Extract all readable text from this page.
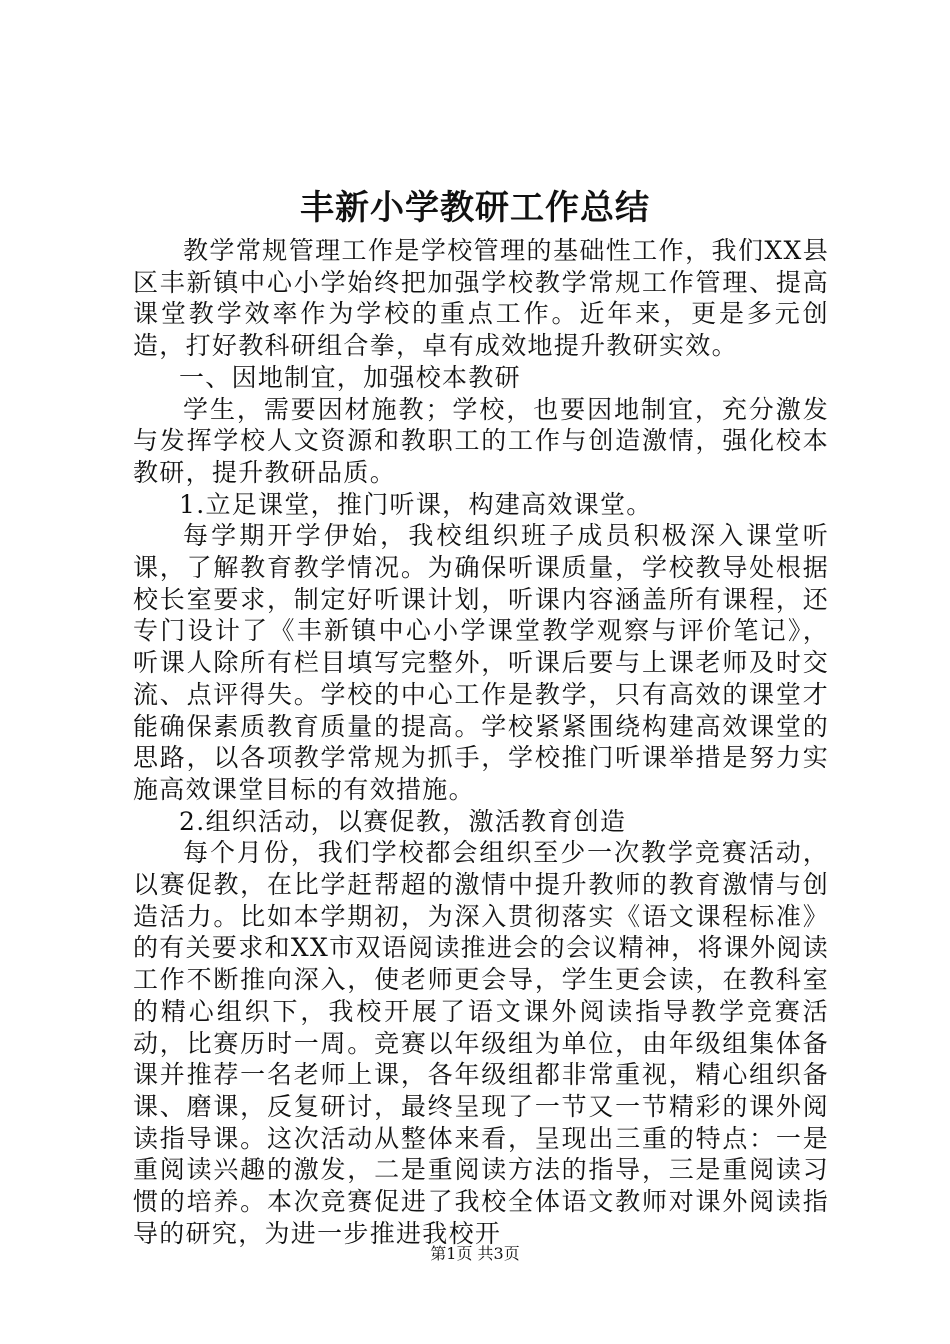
丰新小学教研工作总结

教学常规管理工作是学校管理的基础性工作，我们XX县区丰新镇中心小学始终把加强学校教学常规工作管理、提高课堂教学效率作为学校的重点工作。近年来，更是多元创造，打好教科研组合拳，卓有成效地提升教研实效。

一、因地制宜，加强校本教研

学生，需要因材施教；学校，也要因地制宜，充分激发与发挥学校人文资源和教职工的工作与创造激情，强化校本教研，提升教研品质。

1.立足课堂，推门听课，构建高效课堂。

每学期开学伊始，我校组织班子成员积极深入课堂听课，了解教育教学情况。为确保听课质量，学校教导处根据校长室要求，制定好听课计划，听课内容涵盖所有课程，还专门设计了《丰新镇中心小学课堂教学观察与评价笔记》，听课人除所有栏目填写完整外，听课后要与上课老师及时交流、点评得失。学校的中心工作是教学，只有高效的课堂才能确保素质教育质量的提高。学校紧紧围绕构建高效课堂的思路，以各项教学常规为抓手，学校推门听课举措是努力实施高效课堂目标的有效措施。

2.组织活动，以赛促教，激活教育创造

每个月份，我们学校都会组织至少一次教学竞赛活动，以赛促教，在比学赶帮超的激情中提升教师的教育激情与创造活力。比如本学期初，为深入贯彻落实《语文课程标准》的有关要求和XX市双语阅读推进会的会议精神，将课外阅读工作不断推向深入，使老师更会导，学生更会读，在教科室的精心组织下，我校开展了语文课外阅读指导教学竞赛活动，比赛历时一周。竞赛以年级组为单位，由年级组集体备课并推荐一名老师上课，各年级组都非常重视，精心组织备课、磨课，反复研讨，最终呈现了一节又一节精彩的课外阅读指导课。这次活动从整体来看，呈现出三重的特点：一是重阅读兴趣的激发，二是重阅读方法的指导，三是重阅读习惯的培养。本次竞赛促进了我校全体语文教师对课外阅读指导的研究，为进一步推进我校开

第1页 共3页
